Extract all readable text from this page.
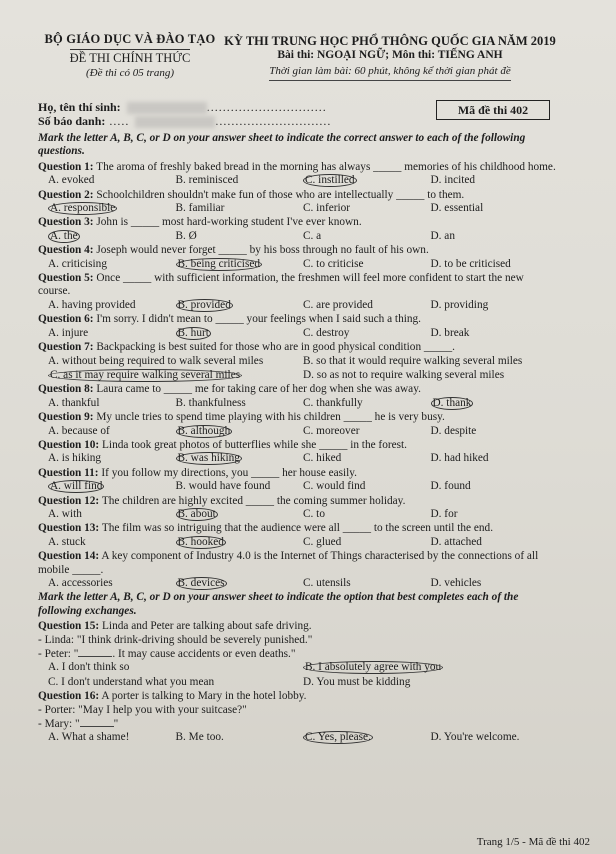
BỘ GIÁO DỤC VÀ ĐÀO TẠO
ĐỀ THI CHÍNH THỨC
(Đề thi có 05 trang)
KỲ THI TRUNG HỌC PHỔ THÔNG QUỐC GIA NĂM 2019
Bài thi: NGOẠI NGỮ; Môn thi: TIẾNG ANH
Thời gian làm bài: 60 phút, không kể thời gian phát đề
Họ, tên thí sinh:	..............................
Số báo danh: .....	.............................
Mã đề thi 402

Mark the letter A, B, C, or D on your answer sheet to indicate the correct answer to each of the following questions.

Question 1: The aroma of freshly baked bread in the morning has always _____ memories of his childhood home.

A. evoked	B. reminisced	C. instilled	D. incited

Question 2: Schoolchildren shouldn't make fun of those who are intellectually _____ to them.

A. responsible	B. familiar	C. inferior	D. essential

Question 3: John is _____ most hard-working student I've ever known.

A. the	B. Ø	C. a	D. an

Question 4: Joseph would never forget _____ by his boss through no fault of his own.

A. criticising	B. being criticised	C. to criticise	D. to be criticised

Question 5: Once _____ with sufficient information, the freshmen will feel more confident to start the new course.

A. having provided	B. provided	C. are provided	D. providing

Question 6: I'm sorry. I didn't mean to _____ your feelings when I said such a thing.

A. injure	B. hurt	C. destroy	D. break

Question 7: Backpacking is best suited for those who are in good physical condition _____.

A. without being required to walk several miles	B. so that it would require walking several miles
C. as it may require walking several miles	D. so as not to require walking several miles

Question 8: Laura came to _____ me for taking care of her dog when she was away.

A. thankful	B. thankfulness	C. thankfully	D. thank

Question 9: My uncle tries to spend time playing with his children _____ he is very busy.

A. because of	B. although	C. moreover	D. despite

Question 10: Linda took great photos of butterflies while she _____ in the forest.

A. is hiking	B. was hiking	C. hiked	D. had hiked

Question 11: If you follow my directions, you _____ her house easily.

A. will find	B. would have found	C. would find	D. found

Question 12: The children are highly excited _____ the coming summer holiday.

A. with	B. about	C. to	D. for

Question 13: The film was so intriguing that the audience were all _____ to the screen until the end.

A. stuck	B. hooked	C. glued	D. attached

Question 14: A key component of Industry 4.0 is the Internet of Things characterised by the connections of all mobile _____.

A. accessories	B. devices	C. utensils	D. vehicles

Mark the letter A, B, C, or D on your answer sheet to indicate the option that best completes each of the following exchanges.

Question 15: Linda and Peter are talking about safe driving.

- Linda: "I think drink-driving should be severely punished."

- Peter: "	. It may cause accidents or even deaths."

A. I don't think so	B. I absolutely agree with you
C. I don't understand what you mean	D. You must be kidding

Question 16: A porter is talking to Mary in the hotel lobby.

- Porter: "May I help you with your suitcase?"

- Mary: "	"

A. What a shame!	B. Me too.	C. Yes, please.	D. You're welcome.
Trang 1/5 - Mã đề thi 402
